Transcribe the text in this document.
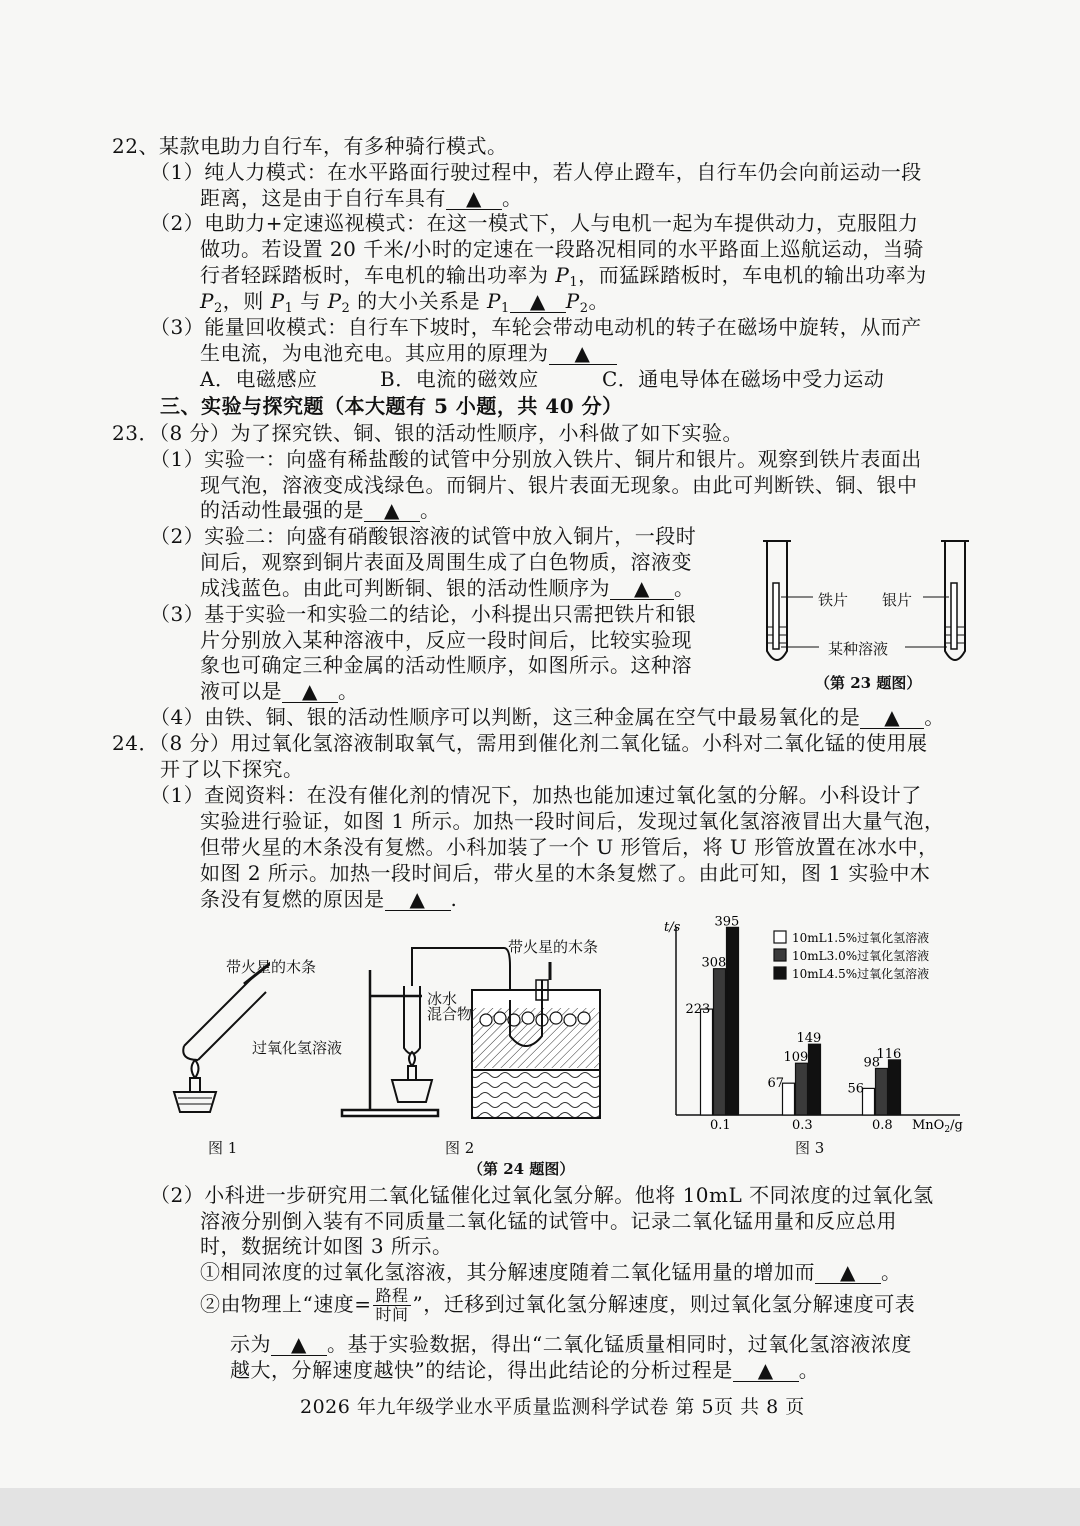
22、某款电助力自行车，有多种骑行模式。
（1）纯人力模式：在水平路面行驶过程中，若人停止蹬车，自行车仍会向前运动一段
距离，这是由于自行车具有 ▲ 。
（2）电助力+定速巡视模式：在这一模式下，人与电机一起为车提供动力，克服阻力
做功。若设置 20 千米/小时的定速在一段路况相同的水平路面上巡航运动，当骑
行者轻踩踏板时，车电机的输出功率为 $P_1$，而猛踩踏板时，车电机的输出功率为
$P_2$，则 $P_1$ 与 $P_2$ 的大小关系是 $P_1$ ▲ $P_2$。
（3）能量回收模式：自行车下坡时，车轮会带动电动机的转子在磁场中旋转，从而产
生电流，为电池充电。其应用的原理为 ▲
A．电磁感应	B．电流的磁效应	C．通电导体在磁场中受力运动
三、实验与探究题（本大题有 5 小题，共 40 分）
23．（8 分）为了探究铁、铜、银的活动性顺序，小科做了如下实验。
（1）实验一：向盛有稀盐酸的试管中分别放入铁片、铜片和银片。观察到铁片表面出
现气泡，溶液变成浅绿色。而铜片、银片表面无现象。由此可判断铁、铜、银中
的活动性最强的是 ▲ 。
（2）实验二：向盛有硝酸银溶液的试管中放入铜片，一段时
间后，观察到铜片表面及周围生成了白色物质，溶液变
成浅蓝色。由此可判断铜、银的活动性顺序为 ▲ 。
（3）基于实验一和实验二的结论，小科提出只需把铁片和银
片分别放入某种溶液中，反应一段时间后，比较实验现
象也可确定三种金属的活动性顺序，如图所示。这种溶
液可以是 ▲ 。
（4）由铁、铜、银的活动性顺序可以判断，这三种金属在空气中最易氧化的是 ▲ 。
铁片 银片
某种溶液
（第 23 题图）
24．（8 分）用过氧化氢溶液制取氧气，需用到催化剂二氧化锰。小科对二氧化锰的使用展
开了以下探究。
（1）查阅资料：在没有催化剂的情况下，加热也能加速过氧化氢的分解。小科设计了
实验进行验证，如图 1 所示。加热一段时间后，发现过氧化氢溶液冒出大量气泡，
但带火星的木条没有复燃。小科加装了一个 U 形管后，将 U 形管放置在冰水中，
如图 2 所示。加热一段时间后，带火星的木条复燃了。由此可知，图 1 实验中木
条没有复燃的原因是 ▲ .
带火星的木条
过氧化氢溶液
图 1
带火星的木条
冰水
混合物
图 2
t/s
MnO$_2$/g
0.1
223
308
395
0.3
67
109
149
0.8
56
98
116
10mL1.5%过氧化氢溶液
10mL3.0%过氧化氢溶液
10mL4.5%过氧化氢溶液
图 3
（第 24 题图）
（2）小科进一步研究用二氧化锰催化过氧化氢分解。他将 10mL 不同浓度的过氧化氢
溶液分别倒入装有不同质量二氧化锰的试管中。记录二氧化锰用量和反应总用
时，数据统计如图 3 所示。
①相同浓度的过氧化氢溶液，其分解速度随着二氧化锰用量的增加而 ▲ 。
②由物理上“速度= $\frac{\text{路程}}{\text{时间}}$ ”，迁移到过氧化氢分解速度，则过氧化氢分解速度可表
示为 ▲ 。基于实验数据，得出“二氧化锰质量相同时，过氧化氢溶液浓度
越大，分解速度越快”的结论，得出此结论的分析过程是 ▲ 。
2026 年九年级学业水平质量监测科学试卷 第 5页 共 8 页
